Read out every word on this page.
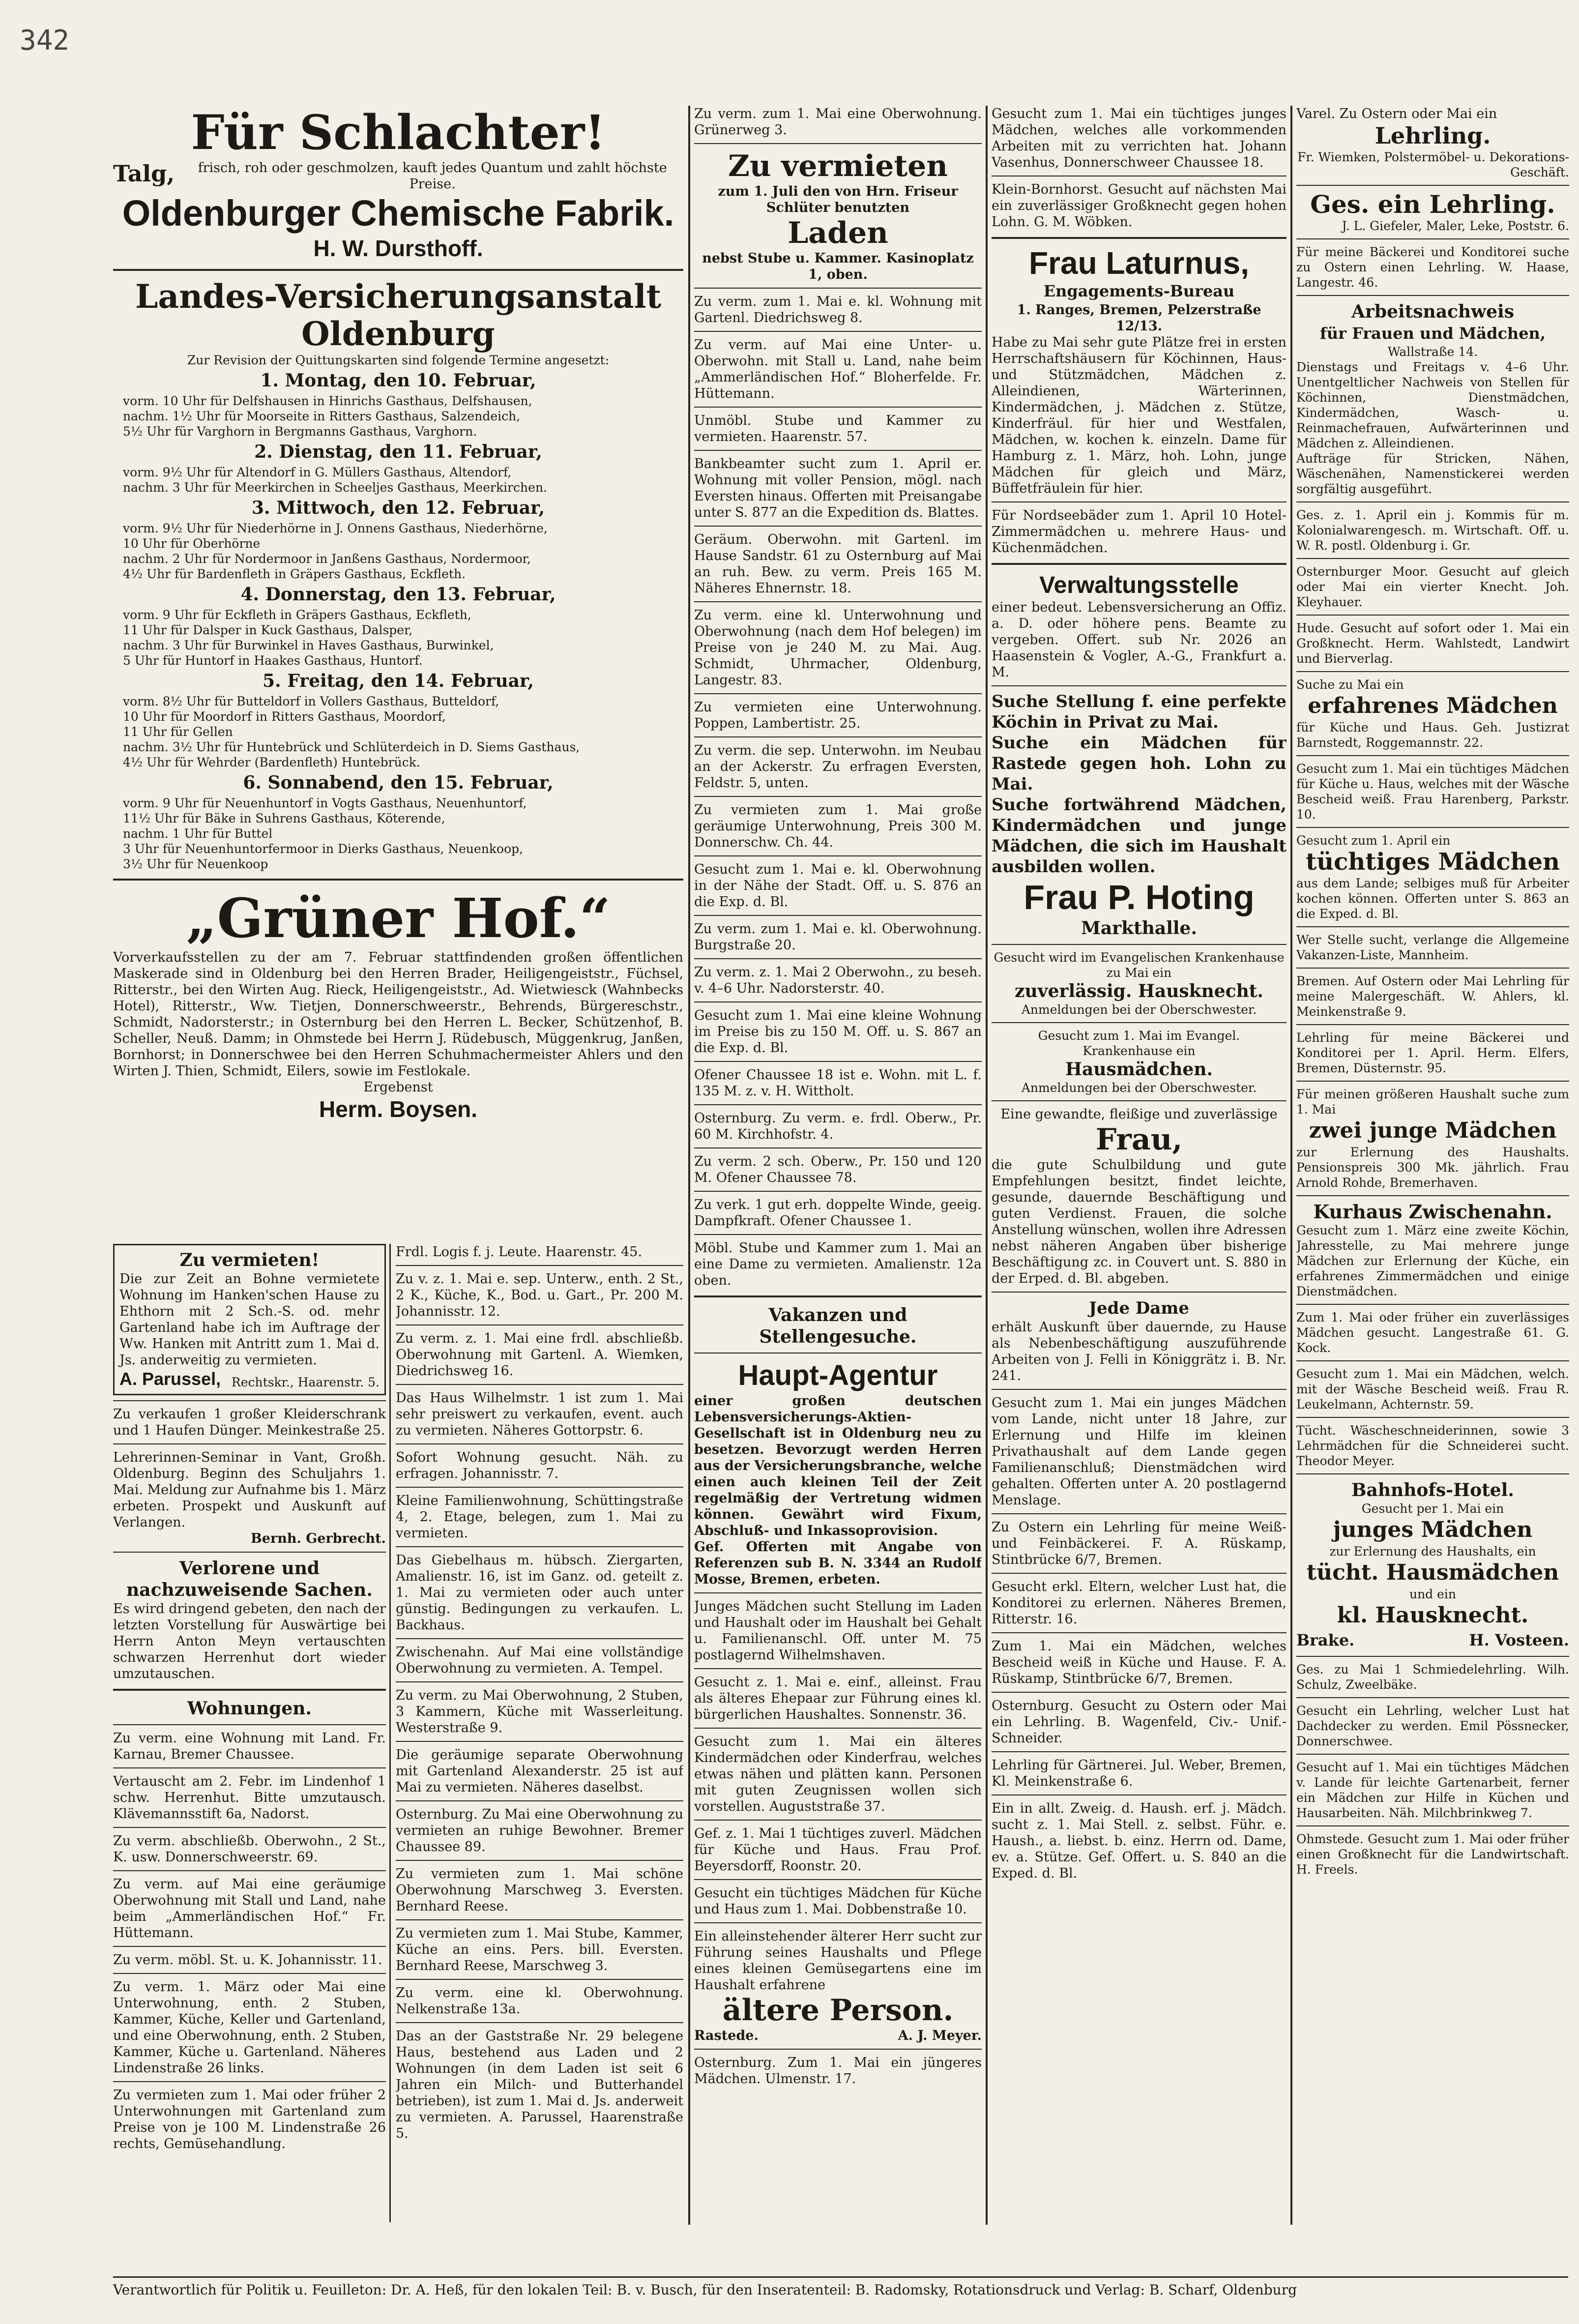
342

Für Schlachter!

Talg,	frisch, roh oder geschmolzen, kauft jedes Quantum und zahlt höchste Preise.

Oldenburger Chemische Fabrik.

H. W. Dursthoff.

Landes-Versicherungsanstalt Oldenburg

Zur Revision der Quittungskarten sind folgende Termine angesetzt:

1. Montag, den 10. Februar,

vorm. 10 Uhr für Delfshausen in Hinrichs Gasthaus, Delfshausen,

nachm. 1½ Uhr für Moorseite in Ritters Gasthaus, Salzendeich,

5½ Uhr für Varghorn in Bergmanns Gasthaus, Varghorn.

2. Dienstag, den 11. Februar,

vorm. 9½ Uhr für Altendorf in G. Müllers Gasthaus, Altendorf,

nachm. 3 Uhr für Meerkirchen in Scheeljes Gasthaus, Meerkirchen.

3. Mittwoch, den 12. Februar,

vorm. 9½ Uhr für Niederhörne in J. Onnens Gasthaus, Niederhörne,

10 Uhr für Oberhörne

nachm. 2 Uhr für Nordermoor in Janßens Gasthaus, Nordermoor,

4½ Uhr für Bardenfleth in Gräpers Gasthaus, Eckfleth.

4. Donnerstag, den 13. Februar,

vorm. 9 Uhr für Eckfleth in Gräpers Gasthaus, Eckfleth,

11 Uhr für Dalsper in Kuck Gasthaus, Dalsper,

nachm. 3 Uhr für Burwinkel in Haves Gasthaus, Burwinkel,

5 Uhr für Huntorf in Haakes Gasthaus, Huntorf.

5. Freitag, den 14. Februar,

vorm. 8½ Uhr für Butteldorf in Vollers Gasthaus, Butteldorf,

10 Uhr für Moordorf in Ritters Gasthaus, Moordorf,

11 Uhr für Gellen

nachm. 3½ Uhr für Huntebrück und Schlüterdeich in D. Siems Gasthaus,

4½ Uhr für Wehrder (Bardenfleth) Huntebrück.

6. Sonnabend, den 15. Februar,

vorm. 9 Uhr für Neuenhuntorf in Vogts Gasthaus, Neuenhuntorf,

11½ Uhr für Bäke in Suhrens Gasthaus, Köterende,

nachm. 1 Uhr für Buttel

3 Uhr für Neuenhuntorfermoor in Dierks Gasthaus, Neuenkoop,

3½ Uhr für Neuenkoop

„Grüner Hof.“

Vorverkaufsstellen zu der am 7. Februar stattfindenden großen öffentlichen Maskerade sind in Oldenburg bei den Herren Brader, Heiligengeiststr., Füchsel, Ritterstr., bei den Wirten Aug. Rieck, Heiligengeiststr., Ad. Wietwiesck (Wahnbecks Hotel), Ritterstr., Ww. Tietjen, Donnerschweerstr., Behrends, Bürgereschstr., Schmidt, Nadorsterstr.; in Osternburg bei den Herren L. Becker, Schützenhof, B. Scheller, Neuß. Damm; in Ohmstede bei Herrn J. Rüdebusch, Müggenkrug, Janßen, Bornhorst; in Donnerschwee bei den Herren Schuhmachermeister Ahlers und den Wirten J. Thien, Schmidt, Eilers, sowie im Festlokale.

Ergebenst

Herm. Boysen.

Zu vermieten!

Die zur Zeit an Bohne vermietete Wohnung im Hanken'schen Hause zu Ehthorn mit 2 Sch.-S. od. mehr Gartenland habe ich im Auftrage der Ww. Hanken mit Antritt zum 1. Mai d. Js. anderweitig zu vermieten.

A. Parussel, Rechtskr., Haarenstr. 5.

Zu verkaufen 1 großer Kleiderschrank und 1 Haufen Dünger. Meinkestraße 25.

Lehrerinnen-Seminar in Vant, Großh. Oldenburg. Beginn des Schuljahrs 1. Mai. Meldung zur Aufnahme bis 1. März erbeten. Prospekt und Auskunft auf Verlangen.

Bernh. Gerbrecht.

Verlorene und nachzuweisende Sachen.

Es wird dringend gebeten, den nach der letzten Vorstellung für Auswärtige bei Herrn Anton Meyn vertauschten schwarzen Herrenhut dort wieder umzutauschen.

Wohnungen.

Zu verm. eine Wohnung mit Land. Fr. Karnau, Bremer Chaussee.

Vertauscht am 2. Febr. im Lindenhof 1 schw. Herrenhut. Bitte umzutausch. Klävemannsstift 6a, Nadorst.

Zu verm. abschließb. Oberwohn., 2 St., K. usw. Donnerschweerstr. 69.

Zu verm. auf Mai eine geräumige Oberwohnung mit Stall und Land, nahe beim „Ammerländischen Hof.“ Fr. Hüttemann.

Zu verm. möbl. St. u. K. Johannisstr. 11.

Zu verm. 1. März oder Mai eine Unterwohnung, enth. 2 Stuben, Kammer, Küche, Keller und Gartenland, und eine Oberwohnung, enth. 2 Stuben, Kammer, Küche u. Gartenland. Näheres Lindenstraße 26 links.

Zu vermieten zum 1. Mai oder früher 2 Unterwohnungen mit Gartenland zum Preise von je 100 M. Lindenstraße 26 rechts, Gemüsehandlung.

Frdl. Logis f. j. Leute. Haarenstr. 45.

Zu v. z. 1. Mai e. sep. Unterw., enth. 2 St., 2 K., Küche, K., Bod. u. Gart., Pr. 200 M. Johannisstr. 12.

Zu verm. z. 1. Mai eine frdl. abschließb. Oberwohnung mit Gartenl. A. Wiemken, Diedrichsweg 16.

Das Haus Wilhelmstr. 1 ist zum 1. Mai sehr preiswert zu verkaufen, event. auch zu vermieten. Näheres Gottorpstr. 6.

Sofort Wohnung gesucht. Näh. zu erfragen. Johannisstr. 7.

Kleine Familienwohnung, Schüttingstraße 4, 2. Etage, belegen, zum 1. Mai zu vermieten.

Das Giebelhaus m. hübsch. Ziergarten, Amalienstr. 16, ist im Ganz. od. geteilt z. 1. Mai zu vermieten oder auch unter günstig. Bedingungen zu verkaufen. L. Backhaus.

Zwischenahn. Auf Mai eine vollständige Oberwohnung zu vermieten. A. Tempel.

Zu verm. zu Mai Oberwohnung, 2 Stuben, 3 Kammern, Küche mit Wasserleitung. Westerstraße 9.

Die geräumige separate Oberwohnung mit Gartenland Alexanderstr. 25 ist auf Mai zu vermieten. Näheres daselbst.

Osternburg. Zu Mai eine Oberwohnung zu vermieten an ruhige Bewohner. Bremer Chaussee 89.

Zu vermieten zum 1. Mai schöne Oberwohnung Marschweg 3. Eversten. Bernhard Reese.

Zu vermieten zum 1. Mai Stube, Kammer, Küche an eins. Pers. bill. Eversten. Bernhard Reese, Marschweg 3.

Zu verm. eine kl. Oberwohnung. Nelkenstraße 13a.

Das an der Gaststraße Nr. 29 belegene Haus, bestehend aus Laden und 2 Wohnungen (in dem Laden ist seit 6 Jahren ein Milch- und Butterhandel betrieben), ist zum 1. Mai d. Js. anderweit zu vermieten. A. Parussel, Haarenstraße 5.

Zu verm. zum 1. Mai eine Oberwohnung. Grünerweg 3.

Zu vermieten

zum 1. Juli den von Hrn. Friseur Schlüter benutzten

Laden

nebst Stube u. Kammer. Kasinoplatz 1, oben.

Zu verm. zum 1. Mai e. kl. Wohnung mit Gartenl. Diedrichsweg 8.

Zu verm. auf Mai eine Unter- u. Oberwohn. mit Stall u. Land, nahe beim „Ammerländischen Hof.“ Bloherfelde. Fr. Hüttemann.

Unmöbl. Stube und Kammer zu vermieten. Haarenstr. 57.

Bankbeamter sucht zum 1. April er. Wohnung mit voller Pension, mögl. nach Eversten hinaus. Offerten mit Preisangabe unter S. 877 an die Expedition ds. Blattes.

Geräum. Oberwohn. mit Gartenl. im Hause Sandstr. 61 zu Osternburg auf Mai an ruh. Bew. zu verm. Preis 165 M. Näheres Ehnernstr. 18.

Zu verm. eine kl. Unterwohnung und Oberwohnung (nach dem Hof belegen) im Preise von je 240 M. zu Mai. Aug. Schmidt, Uhrmacher, Oldenburg, Langestr. 83.

Zu vermieten eine Unterwohnung. Poppen, Lambertistr. 25.

Zu verm. die sep. Unterwohn. im Neubau an der Ackerstr. Zu erfragen Eversten, Feldstr. 5, unten.

Zu vermieten zum 1. Mai große geräumige Unterwohnung, Preis 300 M. Donnerschw. Ch. 44.

Gesucht zum 1. Mai e. kl. Oberwohnung in der Nähe der Stadt. Off. u. S. 876 an die Exp. d. Bl.

Zu verm. zum 1. Mai e. kl. Oberwohnung. Burgstraße 20.

Zu verm. z. 1. Mai 2 Oberwohn., zu beseh. v. 4–6 Uhr. Nadorsterstr. 40.

Gesucht zum 1. Mai eine kleine Wohnung im Preise bis zu 150 M. Off. u. S. 867 an die Exp. d. Bl.

Ofener Chaussee 18 ist e. Wohn. mit L. f. 135 M. z. v. H. Wittholt.

Osternburg. Zu verm. e. frdl. Oberw., Pr. 60 M. Kirchhofstr. 4.

Zu verm. 2 sch. Oberw., Pr. 150 und 120 M. Ofener Chaussee 78.

Zu verk. 1 gut erh. doppelte Winde, geeig. Dampfkraft. Ofener Chaussee 1.

Möbl. Stube und Kammer zum 1. Mai an eine Dame zu vermieten. Amalienstr. 12a oben.

Vakanzen und Stellengesuche.

Haupt-Agentur

einer großen deutschen Lebensversicherungs-Aktien-Gesellschaft ist in Oldenburg neu zu besetzen. Bevorzugt werden Herren aus der Versicherungsbranche, welche einen auch kleinen Teil der Zeit regelmäßig der Vertretung widmen können. Gewährt wird Fixum, Abschluß- und Inkassoprovision.

Gef. Offerten mit Angabe von Referenzen sub B. N. 3344 an Rudolf Mosse, Bremen, erbeten.

Junges Mädchen sucht Stellung im Laden und Haushalt oder im Haushalt bei Gehalt u. Familienanschl. Off. unter M. 75 postlagernd Wilhelmshaven.

Gesucht z. 1. Mai e. einf., alleinst. Frau als älteres Ehepaar zur Führung eines kl. bürgerlichen Haushaltes. Sonnenstr. 36.

Gesucht zum 1. Mai ein älteres Kindermädchen oder Kinderfrau, welches etwas nähen und plätten kann. Personen mit guten Zeugnissen wollen sich vorstellen. Auguststraße 37.

Gef. z. 1. Mai 1 tüchtiges zuverl. Mädchen für Küche und Haus. Frau Prof. Beyersdorff, Roonstr. 20.

Gesucht ein tüchtiges Mädchen für Küche und Haus zum 1. Mai. Dobbenstraße 10.

Ein alleinstehender älterer Herr sucht zur Führung seines Haushalts und Pflege eines kleinen Gemüsegartens eine im Haushalt erfahrene

ältere Person.

Rastede.	A. J. Meyer.

Osternburg. Zum 1. Mai ein jüngeres Mädchen. Ulmenstr. 17.

Gesucht zum 1. Mai ein tüchtiges junges Mädchen, welches alle vorkommenden Arbeiten mit zu verrichten hat. Johann Vasenhus, Donnerschweer Chaussee 18.

Klein-Bornhorst. Gesucht auf nächsten Mai ein zuverlässiger Großknecht gegen hohen Lohn. G. M. Wöbken.

Frau Laturnus,

Engagements-Bureau

1. Ranges, Bremen, Pelzerstraße 12/13.

Habe zu Mai sehr gute Plätze frei in ersten Herrschaftshäusern für Köchinnen, Haus- und Stützmädchen, Mädchen z. Alleindienen, Wärterinnen, Kindermädchen, j. Mädchen z. Stütze, Kinderfräul. für hier und Westfalen, Mädchen, w. kochen k. einzeln. Dame für Hamburg z. 1. März, hoh. Lohn, junge Mädchen für gleich und März, Büffetfräulein für hier.

Für Nordseebäder zum 1. April 10 Hotel-Zimmermädchen u. mehrere Haus- und Küchenmädchen.

Verwaltungsstelle

einer bedeut. Lebensversicherung an Offiz. a. D. oder höhere pens. Beamte zu vergeben. Offert. sub Nr. 2026 an Haasenstein & Vogler, A.-G., Frankfurt a. M.

Suche Stellung f. eine perfekte Köchin in Privat zu Mai.

Suche ein Mädchen für Rastede gegen hoh. Lohn zu Mai.

Suche fortwährend Mädchen, Kindermädchen und junge Mädchen, die sich im Haushalt ausbilden wollen.

Frau P. Hoting

Markthalle.

Gesucht wird im Evangelischen Krankenhause zu Mai ein

zuverlässig. Hausknecht.

Anmeldungen bei der Oberschwester.

Gesucht zum 1. Mai im Evangel. Krankenhause ein

Hausmädchen.

Anmeldungen bei der Oberschwester.

Eine gewandte, fleißige und zuverlässige

Frau,

die gute Schulbildung und gute Empfehlungen besitzt, findet leichte, gesunde, dauernde Beschäftigung und guten Verdienst. Frauen, die solche Anstellung wünschen, wollen ihre Adressen nebst näheren Angaben über bisherige Beschäftigung zc. in Couvert unt. S. 880 in der Erped. d. Bl. abgeben.

Jede Dame

erhält Auskunft über dauernde, zu Hause als Nebenbeschäftigung auszuführende Arbeiten von J. Felli in Königgrätz i. B. Nr. 241.

Gesucht zum 1. Mai ein junges Mädchen vom Lande, nicht unter 18 Jahre, zur Erlernung und Hilfe im kleinen Privathaushalt auf dem Lande gegen Familienanschluß; Dienstmädchen wird gehalten. Offerten unter A. 20 postlagernd Menslage.

Zu Ostern ein Lehrling für meine Weiß- und Feinbäckerei. F. A. Rüskamp, Stintbrücke 6/7, Bremen.

Gesucht erkl. Eltern, welcher Lust hat, die Konditorei zu erlernen. Näheres Bremen, Ritterstr. 16.

Zum 1. Mai ein Mädchen, welches Bescheid weiß in Küche und Hause. F. A. Rüskamp, Stintbrücke 6/7, Bremen.

Osternburg. Gesucht zu Ostern oder Mai ein Lehrling. B. Wagenfeld, Civ.- Unif.-Schneider.

Lehrling für Gärtnerei. Jul. Weber, Bremen, Kl. Meinkenstraße 6.

Ein in allt. Zweig. d. Haush. erf. j. Mädch. sucht z. 1. Mai Stell. z. selbst. Führ. e. Haush., a. liebst. b. einz. Herrn od. Dame, ev. a. Stütze. Gef. Offert. u. S. 840 an die Exped. d. Bl.

Varel. Zu Ostern oder Mai ein

Lehrling.

Fr. Wiemken, Polstermöbel- u. Dekorations-Geschäft.

Ges. ein Lehrling.

J. L. Giefeler, Maler, Leke, Poststr. 6.

Für meine Bäckerei und Konditorei suche zu Ostern einen Lehrling. W. Haase, Langestr. 46.

Arbeitsnachweis

für Frauen und Mädchen,

Wallstraße 14.

Dienstags und Freitags v. 4–6 Uhr. Unentgeltlicher Nachweis von Stellen für Köchinnen, Dienstmädchen, Kindermädchen, Wasch- u. Reinmachefrauen, Aufwärterinnen und Mädchen z. Alleindienen.

Aufträge für Stricken, Nähen, Wäschenähen, Namenstickerei werden sorgfältig ausgeführt.

Ges. z. 1. April ein j. Kommis für m. Kolonialwarengesch. m. Wirtschaft. Off. u. W. R. postl. Oldenburg i. Gr.

Osternburger Moor. Gesucht auf gleich oder Mai ein vierter Knecht. Joh. Kleyhauer.

Hude. Gesucht auf sofort oder 1. Mai ein Großknecht. Herm. Wahlstedt, Landwirt und Bierverlag.

Suche zu Mai ein

erfahrenes Mädchen

für Küche und Haus. Geh. Justizrat Barnstedt, Roggemannstr. 22.

Gesucht zum 1. Mai ein tüchtiges Mädchen für Küche u. Haus, welches mit der Wäsche Bescheid weiß. Frau Harenberg, Parkstr. 10.

Gesucht zum 1. April ein

tüchtiges Mädchen

aus dem Lande; selbiges muß für Arbeiter kochen können. Offerten unter S. 863 an die Exped. d. Bl.

Wer Stelle sucht, verlange die Allgemeine Vakanzen-Liste, Mannheim.

Bremen. Auf Ostern oder Mai Lehrling für meine Malergeschäft. W. Ahlers, kl. Meinkenstraße 9.

Lehrling für meine Bäckerei und Konditorei per 1. April. Herm. Elfers, Bremen, Düsternstr. 95.

Für meinen größeren Haushalt suche zum 1. Mai

zwei junge Mädchen

zur Erlernung des Haushalts. Pensionspreis 300 Mk. jährlich. Frau Arnold Rohde, Bremerhaven.

Kurhaus Zwischenahn.

Gesucht zum 1. März eine zweite Köchin, Jahresstelle, zu Mai mehrere junge Mädchen zur Erlernung der Küche, ein erfahrenes Zimmermädchen und einige Dienstmädchen.

Zum 1. Mai oder früher ein zuverlässiges Mädchen gesucht. Langestraße 61. G. Kock.

Gesucht zum 1. Mai ein Mädchen, welch. mit der Wäsche Bescheid weiß. Frau R. Leukelmann, Achternstr. 59.

Tücht. Wäscheschneiderinnen, sowie 3 Lehrmädchen für die Schneiderei sucht. Theodor Meyer.

Bahnhofs-Hotel.

Gesucht per 1. Mai ein

junges Mädchen

zur Erlernung des Haushalts, ein

tücht. Hausmädchen

und ein

kl. Hausknecht.

Brake.	H. Vosteen.

Ges. zu Mai 1 Schmiedelehrling. Wilh. Schulz, Zweelbäke.

Gesucht ein Lehrling, welcher Lust hat Dachdecker zu werden. Emil Pössnecker, Donnerschwee.

Gesucht auf 1. Mai ein tüchtiges Mädchen v. Lande für leichte Gartenarbeit, ferner ein Mädchen zur Hilfe in Küchen und Hausarbeiten. Näh. Milchbrinkweg 7.

Ohmstede. Gesucht zum 1. Mai oder früher einen Großknecht für die Landwirtschaft. H. Freels.

Verantwortlich für Politik u. Feuilleton: Dr. A. Heß, für den lokalen Teil: B. v. Busch, für den Inseratenteil: B. Radomsky, Rotationsdruck und Verlag: B. Scharf, Oldenburg
